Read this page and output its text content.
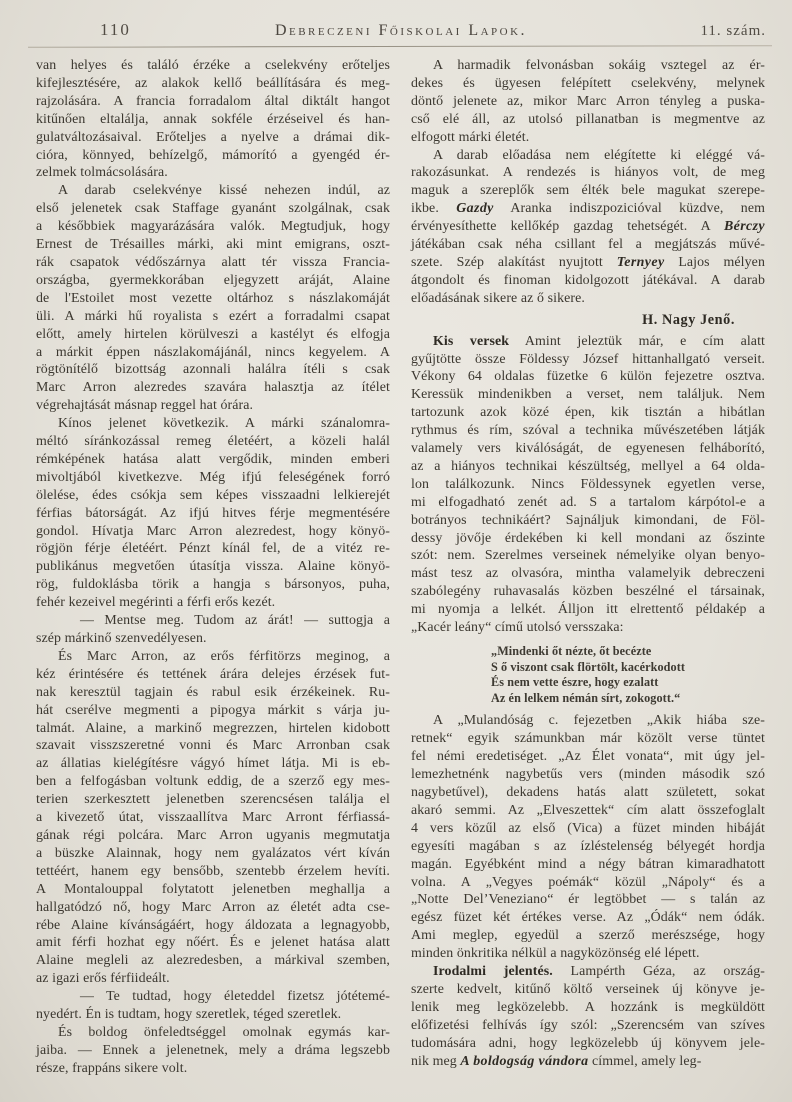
110	Debreczeni Főiskolai Lapok.	11. szám.
van helyes és találó érzéke a cselekvény erőteljes
kifejlesztésére, az alakok kellő beállítására és meg-
rajzolására. A francia forradalom által diktált hangot
kitűnően eltalálja, annak sokféle érzéseivel és han-
gulatváltozásaival. Erőteljes a nyelve a drámai dik-
cióra, könnyed, behízelgő, mámorító a gyengéd ér-
zelmek tolmácsolására.
A darab cselekvénye kissé nehezen indúl, az
első jelenetek csak Staffage gyanánt szolgálnak, csak
a későbbiek magyarázására valók. Megtudjuk, hogy
Ernest de Trésailles márki, aki mint emigrans, oszt-
rák csapatok védőszárnya alatt tér vissza Francia-
országba, gyermekkorában eljegyzett aráját, Alaine
de l'Estoilet most vezette oltárhoz s nászlakomáját
üli. A márki hű royalista s ezért a forradalmi csapat
előtt, amely hirtelen körülveszi a kastélyt és elfogja
a márkit éppen nászlakomájánál, nincs kegyelem. A
rögtönítélő bizottság azonnali halálra ítéli s csak
Marc Arron alezredes szavára halasztja az ítélet
végrehajtását másnap reggel hat órára.
Kínos jelenet következik. A márki szánalomra-
méltó síránkozással remeg életéért, a közeli halál
rémképének hatása alatt vergődik, minden emberi
mivoltjából kivetkezve. Még ifjú feleségének forró
ölelése, édes csókja sem képes visszaadni lelkierejét
férfias bátorságát. Az ifjú hitves férje megmentésére
gondol. Hívatja Marc Arron alezredest, hogy könyö-
rögjön férje életéért. Pénzt kínál fel, de a vitéz re-
publikánus megvetően útasítja vissza. Alaine könyö-
rög, fuldoklásba törik a hangja s bársonyos, puha,
fehér kezeivel megérinti a férfi erős kezét.
— Mentse meg. Tudom az árát! — suttogja a
szép márkinő szenvedélyesen.
És Marc Arron, az erős férfitörzs meginog, a
kéz érintésére és tettének árára delejes érzések fut-
nak keresztül tagjain és rabul esik érzékeinek. Ru-
hát cserélve megmenti a pipogya márkit s várja ju-
talmát. Alaine, a markinő megrezzen, hirtelen kidobott
szavait visszszeretné vonni és Marc Arronban csak
az állatias kielégítésre vágyó hímet látja. Mi is eb-
ben a felfogásban voltunk eddig, de a szerző egy mes-
terien szerkesztett jelenetben szerencsésen találja el
a kivezető útat, visszaallítva Marc Arront férfiassá-
gának régi polcára. Marc Arron ugyanis megmutatja
a büszke Alainnak, hogy nem gyalázatos vért kíván
tettéért, hanem egy bensőbb, szentebb érzelem hevíti.
A Montalouppal folytatott jelenetben meghallja a
hallgatódzó nő, hogy Marc Arron az életét adta cse-
rébe Alaine kívánságáért, hogy áldozata a legnagyobb,
amit férfi hozhat egy nőért. És e jelenet hatása alatt
Alaine megleli az alezredesben, a márkival szemben,
az igazi erős férfiideált.
— Te tudtad, hogy életeddel fizetsz jótétemé-
nyedért. Én is tudtam, hogy szeretlek, téged szeretlek.
És boldog önfeledtséggel omolnak egymás kar-
jaiba. — Ennek a jelenetnek, mely a dráma legszebb
része, frappáns sikere volt.
A harmadik felvonásban sokáig vsztegel az ér-
dekes és ügyesen felépített cselekvény, melynek
döntő jelenete az, mikor Marc Arron tényleg a puska-
cső elé áll, az utolsó pillanatban is megmentve az
elfogott márki életét.
A darab előadása nem elégítette ki eléggé vá-
rakozásunkat. A rendezés is hiányos volt, de meg
maguk a szereplők sem élték bele magukat szerepe-
ikbe. Gazdy Aranka indiszpozicióval küzdve, nem
érvényesíthette kellőkép gazdag tehetségét. A Bérczy
játékában csak néha csillant fel a megjátszás művé-
szete. Szép alakítást nyujtott Ternyey Lajos mélyen
átgondolt és finoman kidolgozott játékával. A darab
előadásának sikere az ő sikere.
H. Nagy Jenő.
Kis versek Amint jeleztük már, e cím alatt
gyűjtötte össze Földessy József hittanhallgató verseit.
Vékony 64 oldalas füzetke 6 külön fejezetre osztva.
Keressük mindenikben a verset, nem találjuk. Nem
tartozunk azok közé épen, kik tisztán a hibátlan
rythmus és rím, szóval a technika művészetében látják
valamely vers kiválóságát, de egyenesen felháborító,
az a hiányos technikai készültség, mellyel a 64 olda-
lon találkozunk. Nincs Földessynek egyetlen verse,
mi elfogadható zenét ad. S a tartalom kárpótol-e a
botrányos technikáért? Sajnáljuk kimondani, de Föl-
dessy jövője érdekében ki kell mondani az őszinte
szót: nem. Szerelmes verseinek némelyike olyan benyo-
mást tesz az olvasóra, mintha valamelyik debreczeni
szabólegény ruhavasalás közben beszélné el társainak,
mi nyomja a lelkét. Álljon itt elrettentő példakép a
„Kacér leány“ című utolsó versszaka:
„Mindenki őt nézte, őt becézte
S ő viszont csak flörtölt, kacérkodott
És nem vette észre, hogy ezalatt
Az én lelkem némán sírt, zokogott.“
A „Mulandóság c. fejezetben „Akik hiába sze-
retnek“ egyik számunkban már közölt verse tüntet
fel némi eredetiséget. „Az Élet vonata“, mit úgy jel-
lemezhetnénk nagybetűs vers (minden második szó
nagybetűvel), dekadens hatás alatt született, sokat
akaró semmi. Az „Elveszettek“ cím alatt összefoglalt
4 vers közűl az első (Vica) a füzet minden hibáját
egyesíti magában s az ízléstelenség bélyegét hordja
magán. Egyébként mind a négy bátran kimaradhatott
volna. A „Vegyes poémák“ közül „Nápoly“ és a
„Notte Del’Veneziano“ ér legtöbbet — s talán az
egész füzet két értékes verse. Az „Ódák“ nem ódák.
Ami meglep, egyedül a szerző merészsége, hogy
minden önkritika nélkül a nagyközönség elé lépett.
Irodalmi jelentés. Lampérth Géza, az ország-
szerte kedvelt, kitűnő költő verseinek új könyve je-
lenik meg legközelebb. A hozzánk is megküldött
előfizetési felhívás így szól: „Szerencsém van szíves
tudomására adni, hogy legközelebb új könyvem jele-
nik meg A boldogság vándora címmel, amely leg-
